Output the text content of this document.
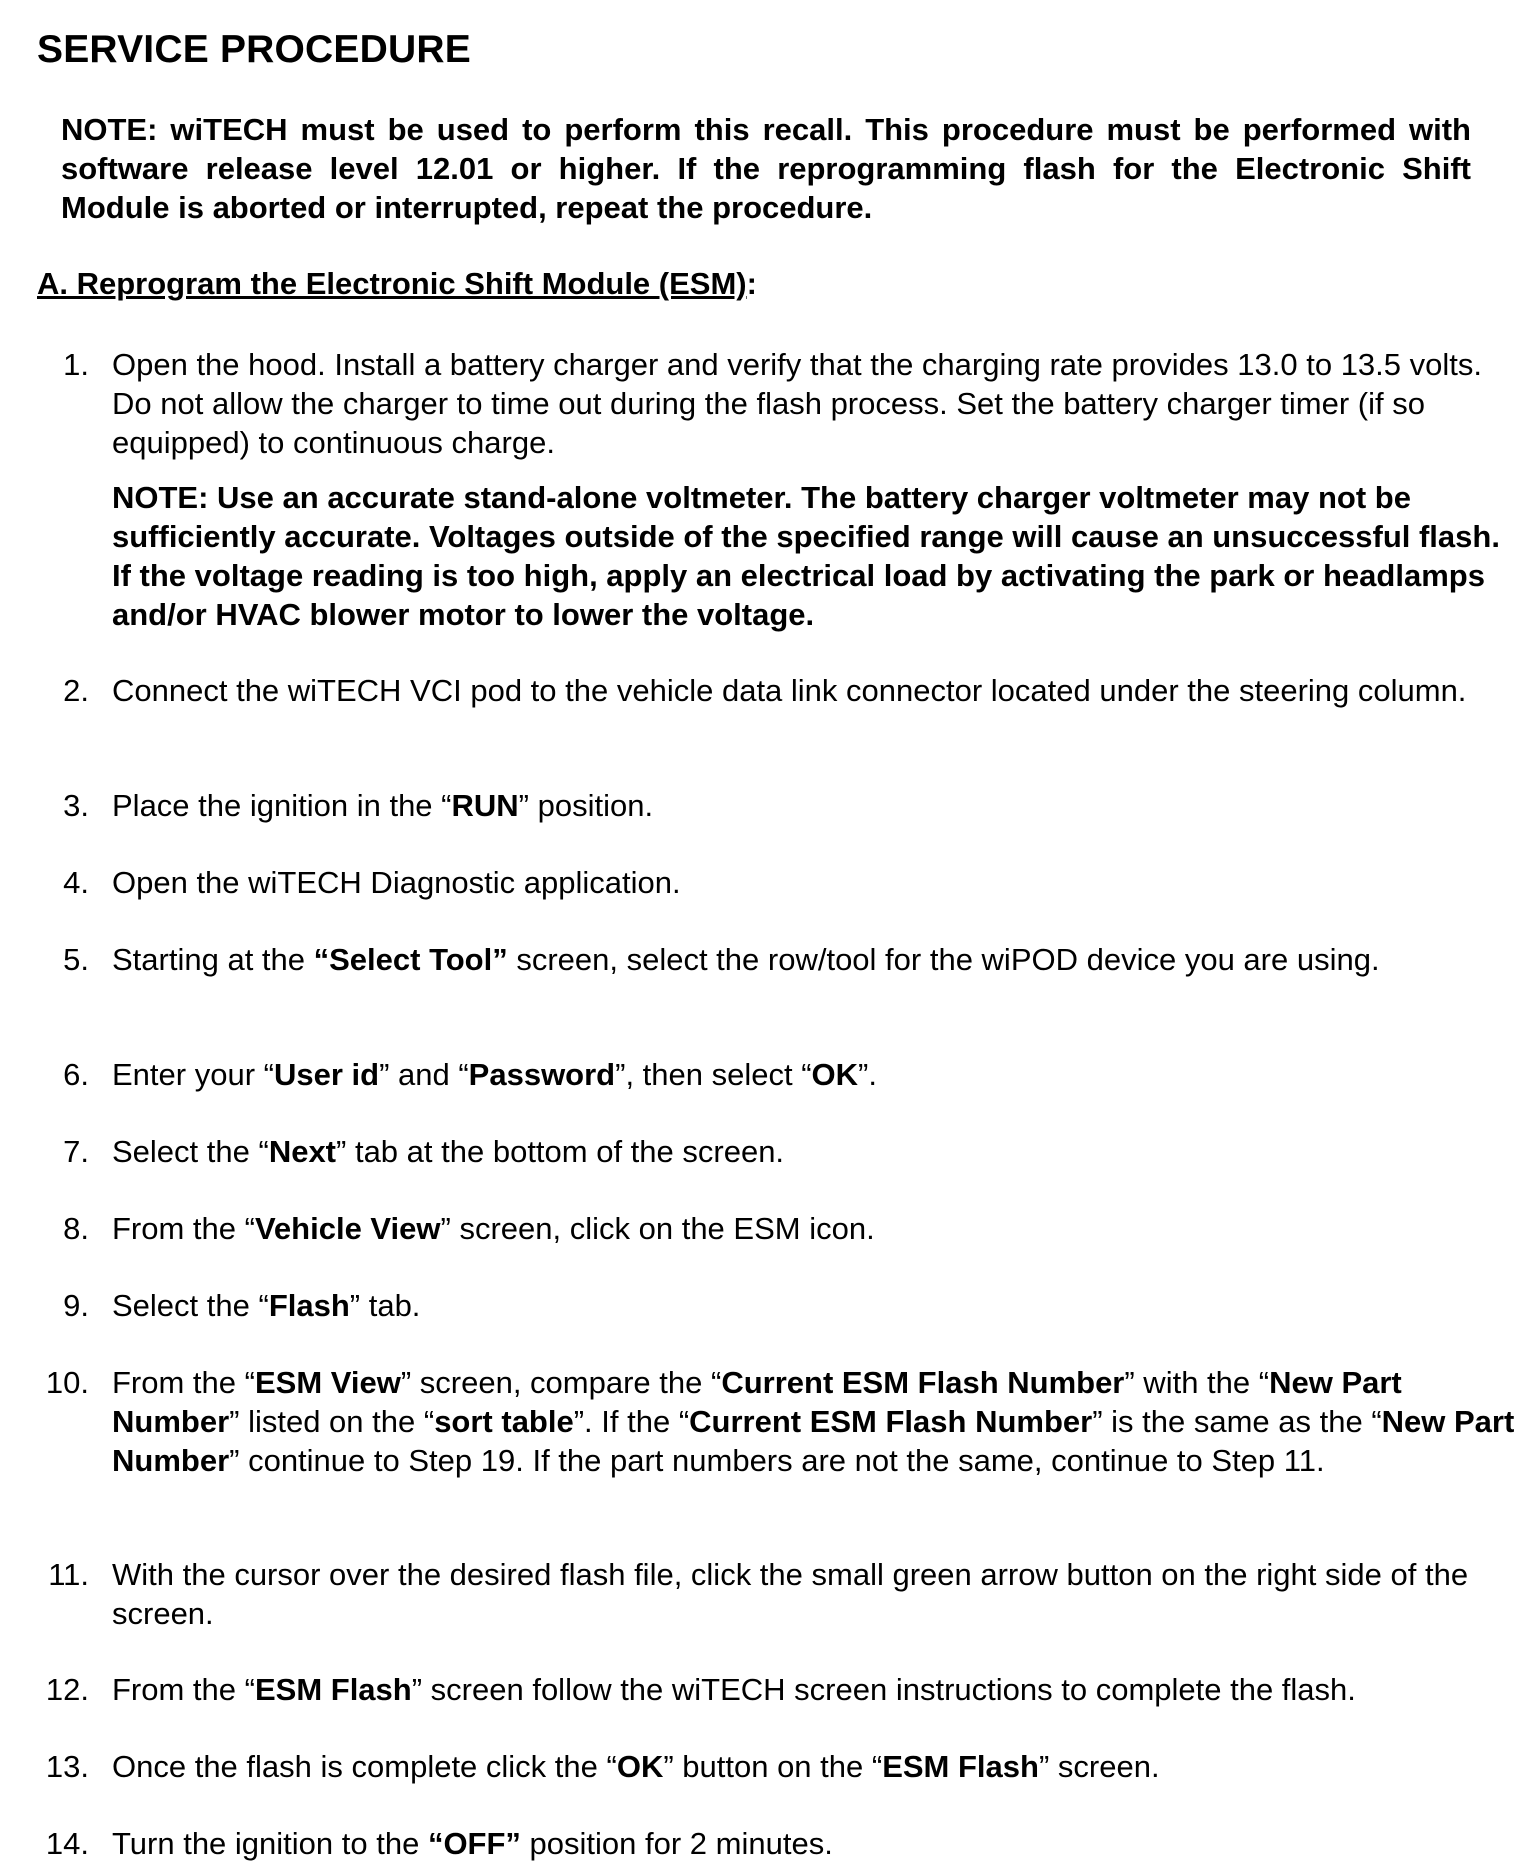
SERVICE PROCEDURE

NOTE: wiTECH must be used to perform this recall. This procedure must be performed with software release level 12.01 or higher. If the reprogramming flash for the Electronic Shift Module is aborted or interrupted, repeat the procedure.

A. Reprogram the Electronic Shift Module (ESM):
1. Open the hood. Install a battery charger and verify that the charging rate provides 13.0 to 13.5 volts. Do not allow the charger to time out during the flash process. Set the battery charger timer (if so equipped) to continuous charge.
NOTE: Use an accurate stand-alone voltmeter. The battery charger voltmeter may not be sufficiently accurate. Voltages outside of the specified range will cause an unsuccessful flash. If the voltage reading is too high, apply an electrical load by activating the park or headlamps and/or HVAC blower motor to lower the voltage.
2. Connect the wiTECH VCI pod to the vehicle data link connector located under the steering column.
3. Place the ignition in the “RUN” position.
4. Open the wiTECH Diagnostic application.
5. Starting at the “Select Tool” screen, select the row/tool for the wiPOD device you are using.
6. Enter your “User id” and “Password”, then select “OK”.
7. Select the “Next” tab at the bottom of the screen.
8. From the “Vehicle View” screen, click on the ESM icon.
9. Select the “Flash” tab.
10. From the “ESM View” screen, compare the “Current ESM Flash Number” with the “New Part Number” listed on the “sort table”. If the “Current ESM Flash Number” is the same as the “New Part Number” continue to Step 19. If the part numbers are not the same, continue to Step 11.
11. With the cursor over the desired flash file, click the small green arrow button on the right side of the screen.
12. From the “ESM Flash” screen follow the wiTECH screen instructions to complete the flash.
13. Once the flash is complete click the “OK” button on the “ESM Flash” screen.
14. Turn the ignition to the “OFF” position for 2 minutes.
